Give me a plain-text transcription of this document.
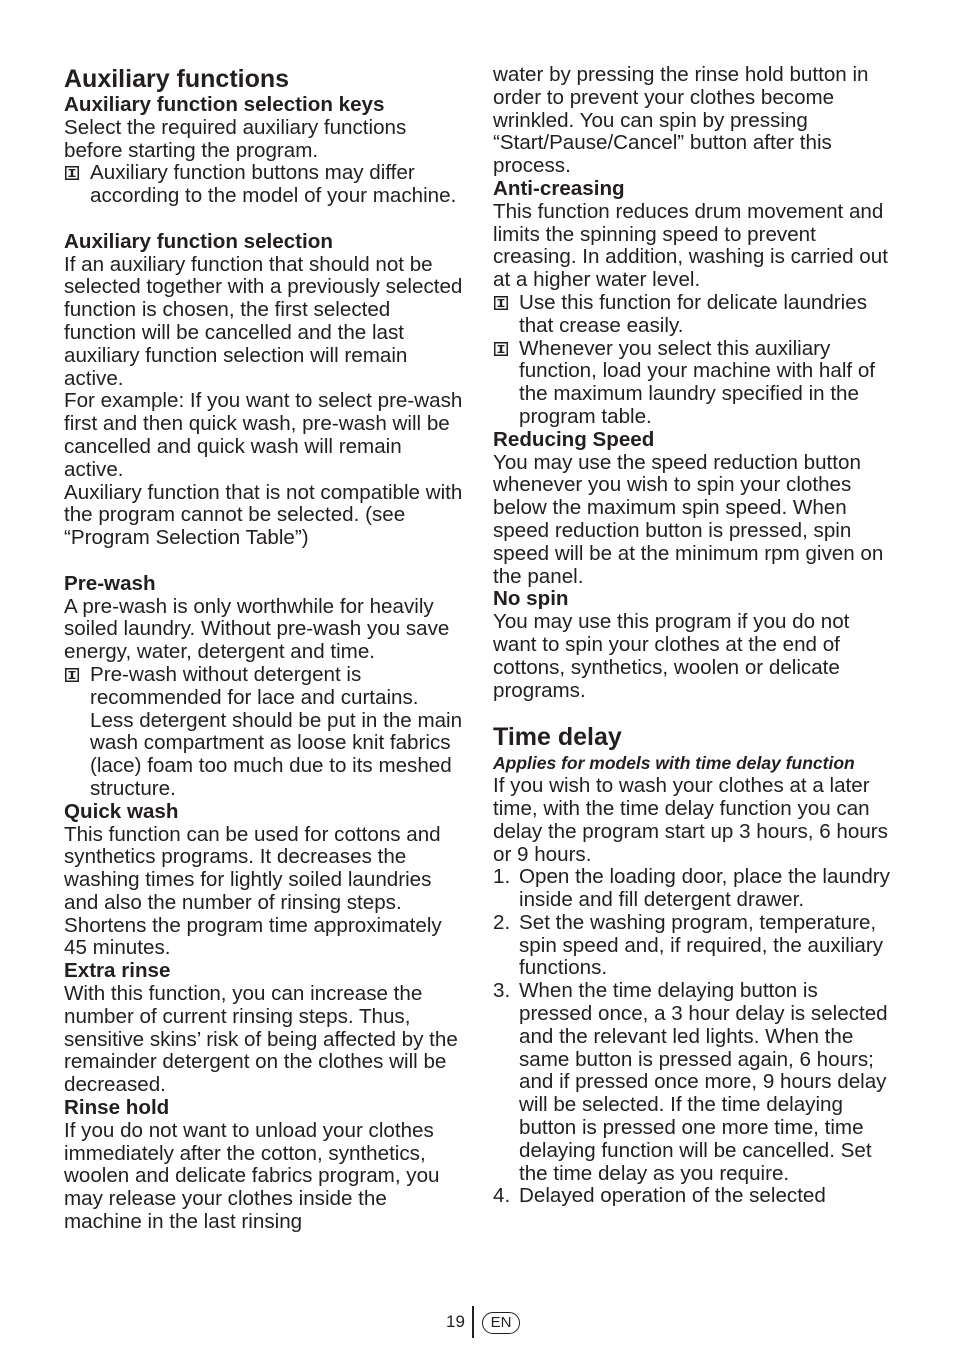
Auxiliary functions

Auxiliary function selection keys

Select the required auxiliary functions before starting the program.

Auxiliary function buttons may differ according to the model of your machine.

Auxiliary function selection

If an auxiliary function that should not be selected together with a previously selected function is chosen, the first selected function will be cancelled and the last auxiliary function selection will remain active.

For example: If you want to select pre-wash first and then quick wash, pre-wash will be cancelled and quick wash will remain active.

Auxiliary function that is not compatible with the program cannot be selected. (see “Program Selection Table”)

Pre-wash

A pre-wash is only worthwhile for heavily soiled laundry. Without pre-wash you save energy, water, detergent and time.

Pre-wash without detergent is recommended for lace and curtains. Less detergent should be put in the main wash compartment as loose knit fabrics (lace) foam too much due to its meshed structure.

Quick wash

This function can be used for cottons and synthetics programs. It decreases the washing times for lightly soiled laundries and also the number of rinsing steps. Shortens the program time approximately 45 minutes.

Extra rinse

With this function, you can increase the number of current rinsing steps. Thus, sensitive skins’ risk of being affected by the remainder detergent on the clothes will be decreased.

Rinse hold

If you do not want to unload your clothes immediately after the cotton, synthetics, woolen and delicate fabrics program, you may release your clothes inside the machine in the last rinsing

water by pressing the rinse hold button in order to prevent your clothes become wrinkled. You can spin by pressing “Start/Pause/Cancel” button after this process.

Anti-creasing

This function reduces drum movement and limits the spinning speed to prevent creasing. In addition, washing is carried out at a higher water level.

Use this function for delicate laundries that crease easily.
Whenever you select this auxiliary function, load your machine with half of the maximum laundry specified in the program table.

Reducing Speed

You may use the speed reduction button whenever you wish to spin your clothes below the maximum spin speed. When speed reduction button is pressed, spin speed will be at the minimum rpm given on the panel.

No spin

You may use this program if you do not want to spin your clothes at the end of cottons, synthetics, woolen or delicate programs.

Time delay

Applies for models with time delay function

If you wish to wash your clothes at a later time, with the time delay function you can delay the program start up 3 hours, 6 hours or 9 hours.

1. Open the loading door, place the laundry inside and fill detergent drawer.
2. Set the washing program, temperature, spin speed and, if required, the auxiliary functions.
3. When the time delaying button is pressed once, a 3 hour delay is selected and the relevant led lights. When the same button is pressed again, 6 hours; and if pressed once more, 9 hours delay will be selected. If the time delaying button is pressed one more time, time delaying function will be cancelled. Set the time delay as you require.
4. Delayed operation of the selected
19	EN
